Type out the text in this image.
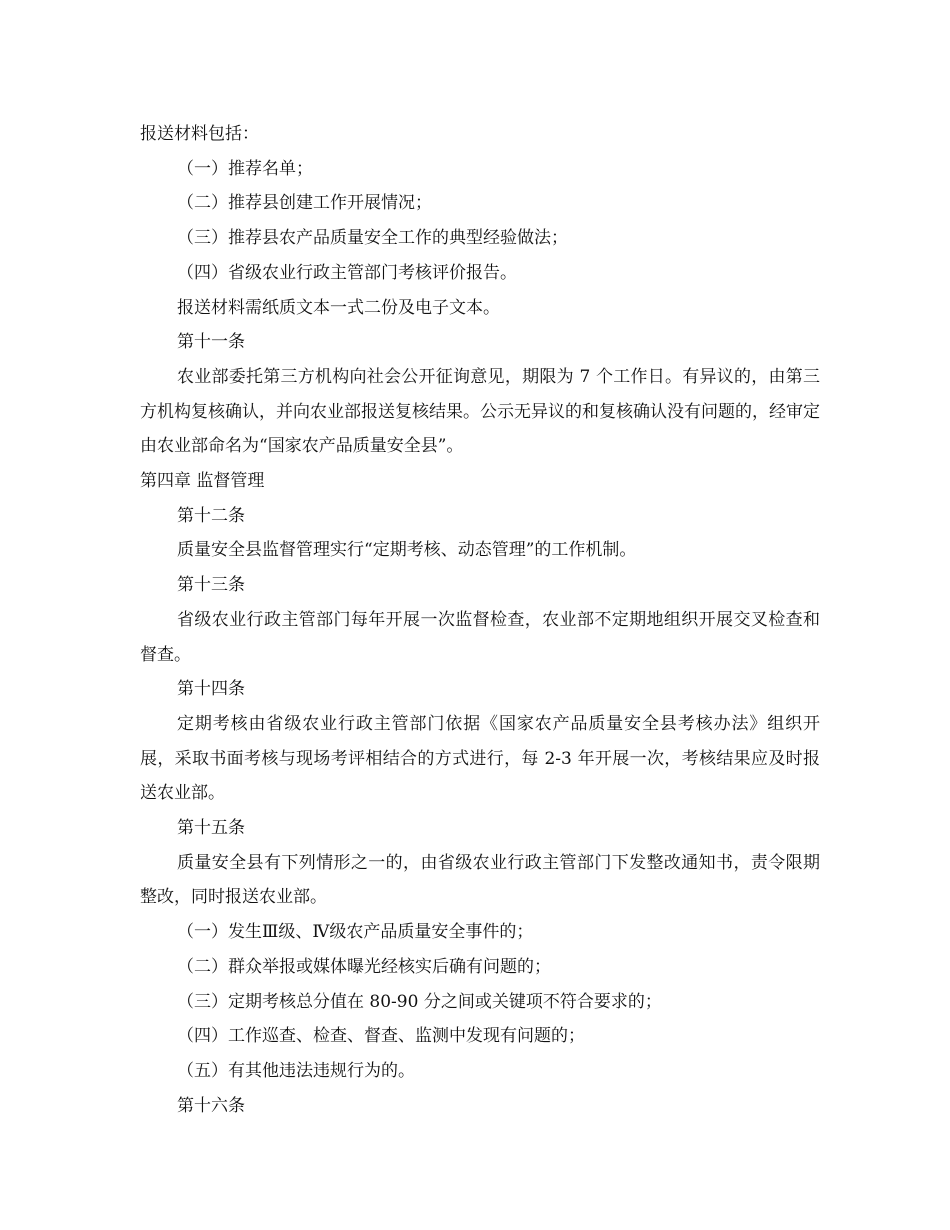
报送材料包括：

（一）推荐名单；

（二）推荐县创建工作开展情况；

（三）推荐县农产品质量安全工作的典型经验做法；

（四）省级农业行政主管部门考核评价报告。

报送材料需纸质文本一式二份及电子文本。

第十一条

农业部委托第三方机构向社会公开征询意见，期限为 7 个工作日。有异议的，由第三方机构复核确认，并向农业部报送复核结果。公示无异议的和复核确认没有问题的，经审定由农业部命名为“国家农产品质量安全县”。

第四章 监督管理

第十二条

质量安全县监督管理实行“定期考核、动态管理”的工作机制。

第十三条

省级农业行政主管部门每年开展一次监督检查，农业部不定期地组织开展交叉检查和督查。

第十四条

定期考核由省级农业行政主管部门依据《国家农产品质量安全县考核办法》组织开展，采取书面考核与现场考评相结合的方式进行，每 2-3 年开展一次，考核结果应及时报送农业部。

第十五条

质量安全县有下列情形之一的，由省级农业行政主管部门下发整改通知书，责令限期整改，同时报送农业部。

（一）发生Ⅲ级、Ⅳ级农产品质量安全事件的；

（二）群众举报或媒体曝光经核实后确有问题的；

（三）定期考核总分值在 80-90 分之间或关键项不符合要求的；

（四）工作巡查、检查、督查、监测中发现有问题的；

（五）有其他违法违规行为的。

第十六条
